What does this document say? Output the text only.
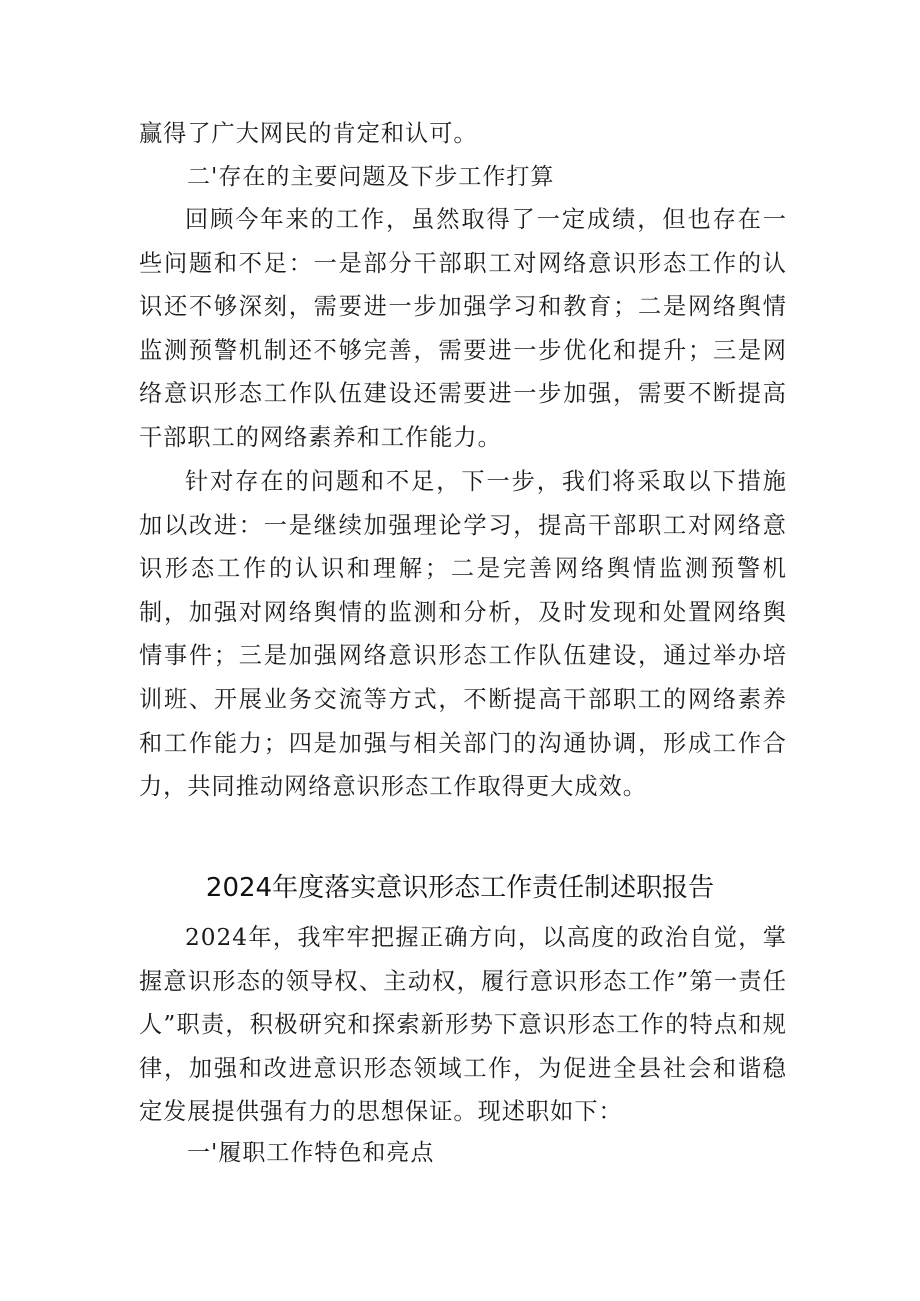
赢得了广大网民的肯定和认可。
二'存在的主要问题及下步工作打算
回顾今年来的工作，虽然取得了一定成绩，但也存在一些问题和不足：一是部分干部职工对网络意识形态工作的认识还不够深刻，需要进一步加强学习和教育；二是网络舆情监测预警机制还不够完善，需要进一步优化和提升；三是网络意识形态工作队伍建设还需要进一步加强，需要不断提高干部职工的网络素养和工作能力。
针对存在的问题和不足，下一步，我们将采取以下措施加以改进：一是继续加强理论学习，提高干部职工对网络意识形态工作的认识和理解；二是完善网络舆情监测预警机制，加强对网络舆情的监测和分析，及时发现和处置网络舆情事件；三是加强网络意识形态工作队伍建设，通过举办培训班、开展业务交流等方式，不断提高干部职工的网络素养和工作能力；四是加强与相关部门的沟通协调，形成工作合力，共同推动网络意识形态工作取得更大成效。
2024年度落实意识形态工作责任制述职报告
2024年，我牢牢把握正确方向，以高度的政治自觉，掌握意识形态的领导权、主动权，履行意识形态工作”第一责任人”职责，积极研究和探索新形势下意识形态工作的特点和规律，加强和改进意识形态领域工作，为促进全县社会和谐稳定发展提供强有力的思想保证。现述职如下：
一'履职工作特色和亮点
